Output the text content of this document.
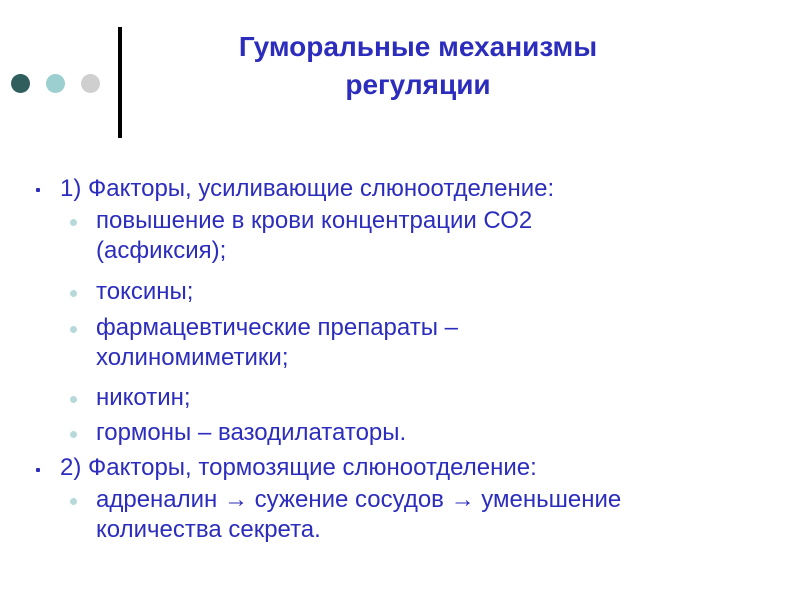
Гуморальные механизмы
регуляции
1) Факторы, усиливающие слюноотделение:
повышение в крови концентрации СО2
(асфиксия);
токсины;
фармацевтические препараты –
холиномиметики;
никотин;
гормоны – вазодилататоры.
2) Факторы, тормозящие слюноотделение:
адреналин → сужение сосудов → уменьшение
количества секрета.
